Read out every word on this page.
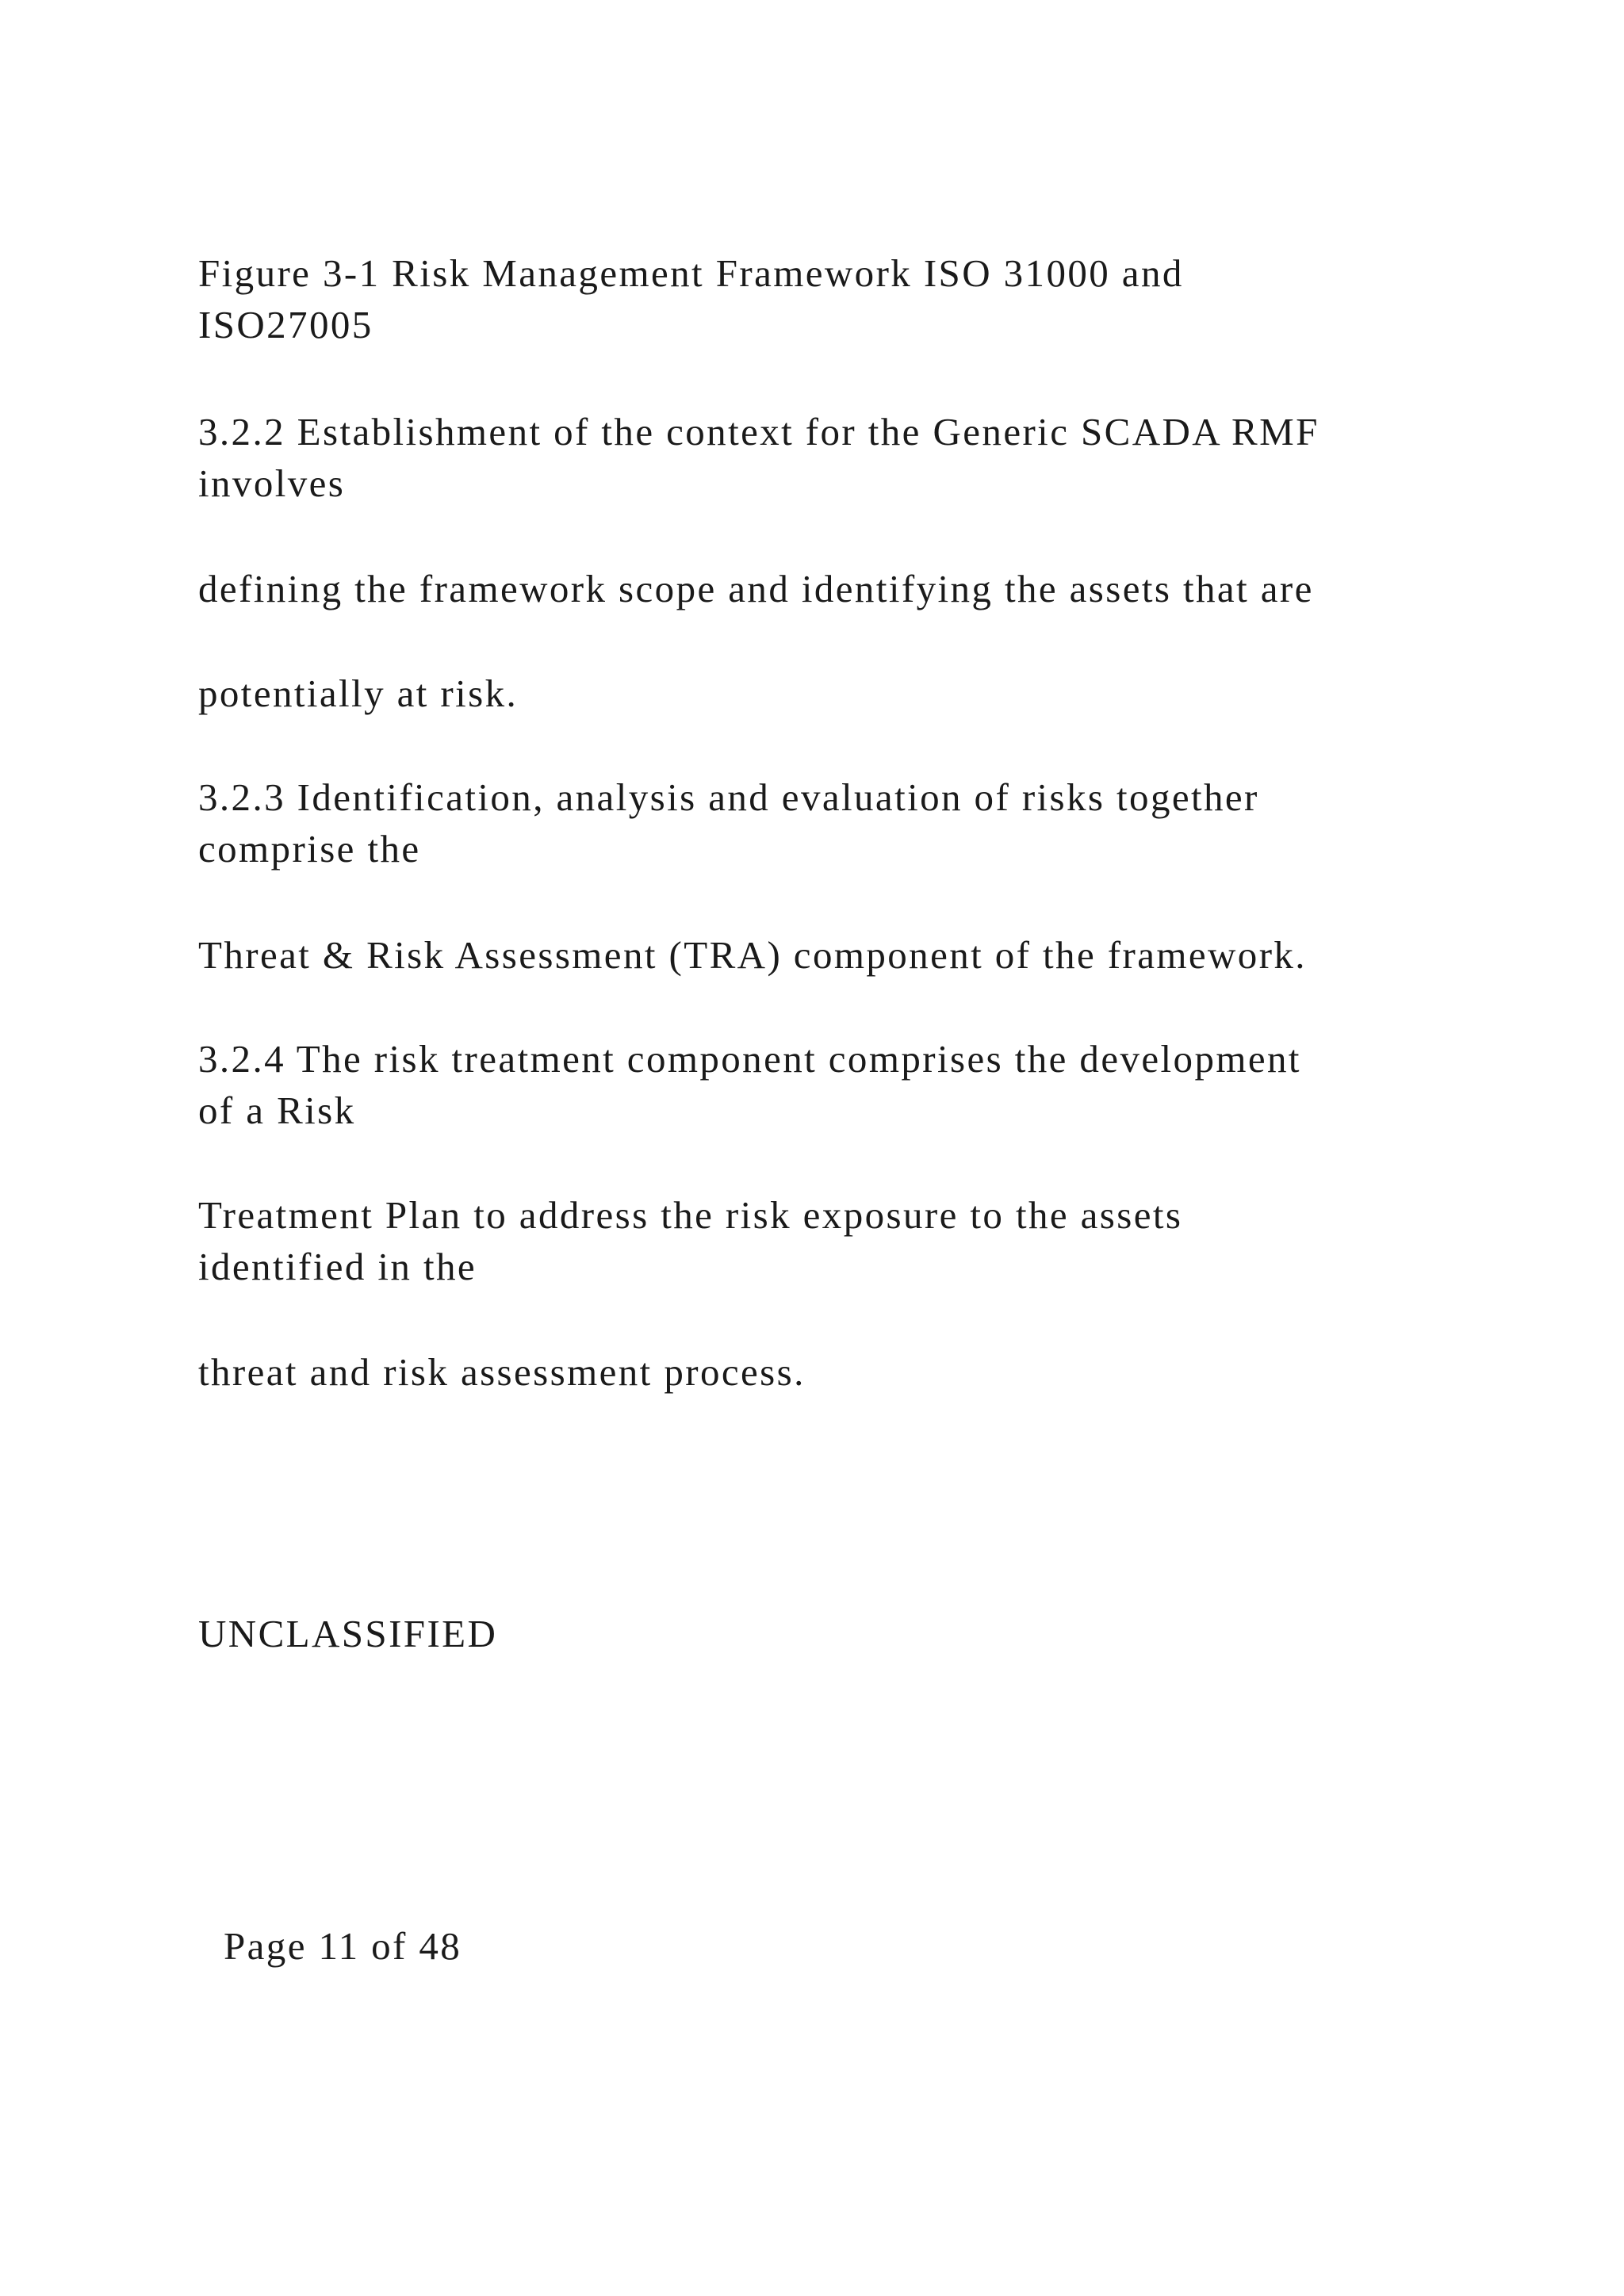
Figure 3-1 Risk Management Framework ISO 31000 and
ISO27005

3.2.2 Establishment of the context for the Generic SCADA RMF
involves

defining the framework scope and identifying the assets that are

potentially at risk.

3.2.3 Identification, analysis and evaluation of risks together
comprise the

Threat & Risk Assessment (TRA) component of the framework.

3.2.4 The risk treatment component comprises the development
of a Risk

Treatment Plan to address the risk exposure to the assets
identified in the

threat and risk assessment process.

UNCLASSIFIED
Page 11 of 48
